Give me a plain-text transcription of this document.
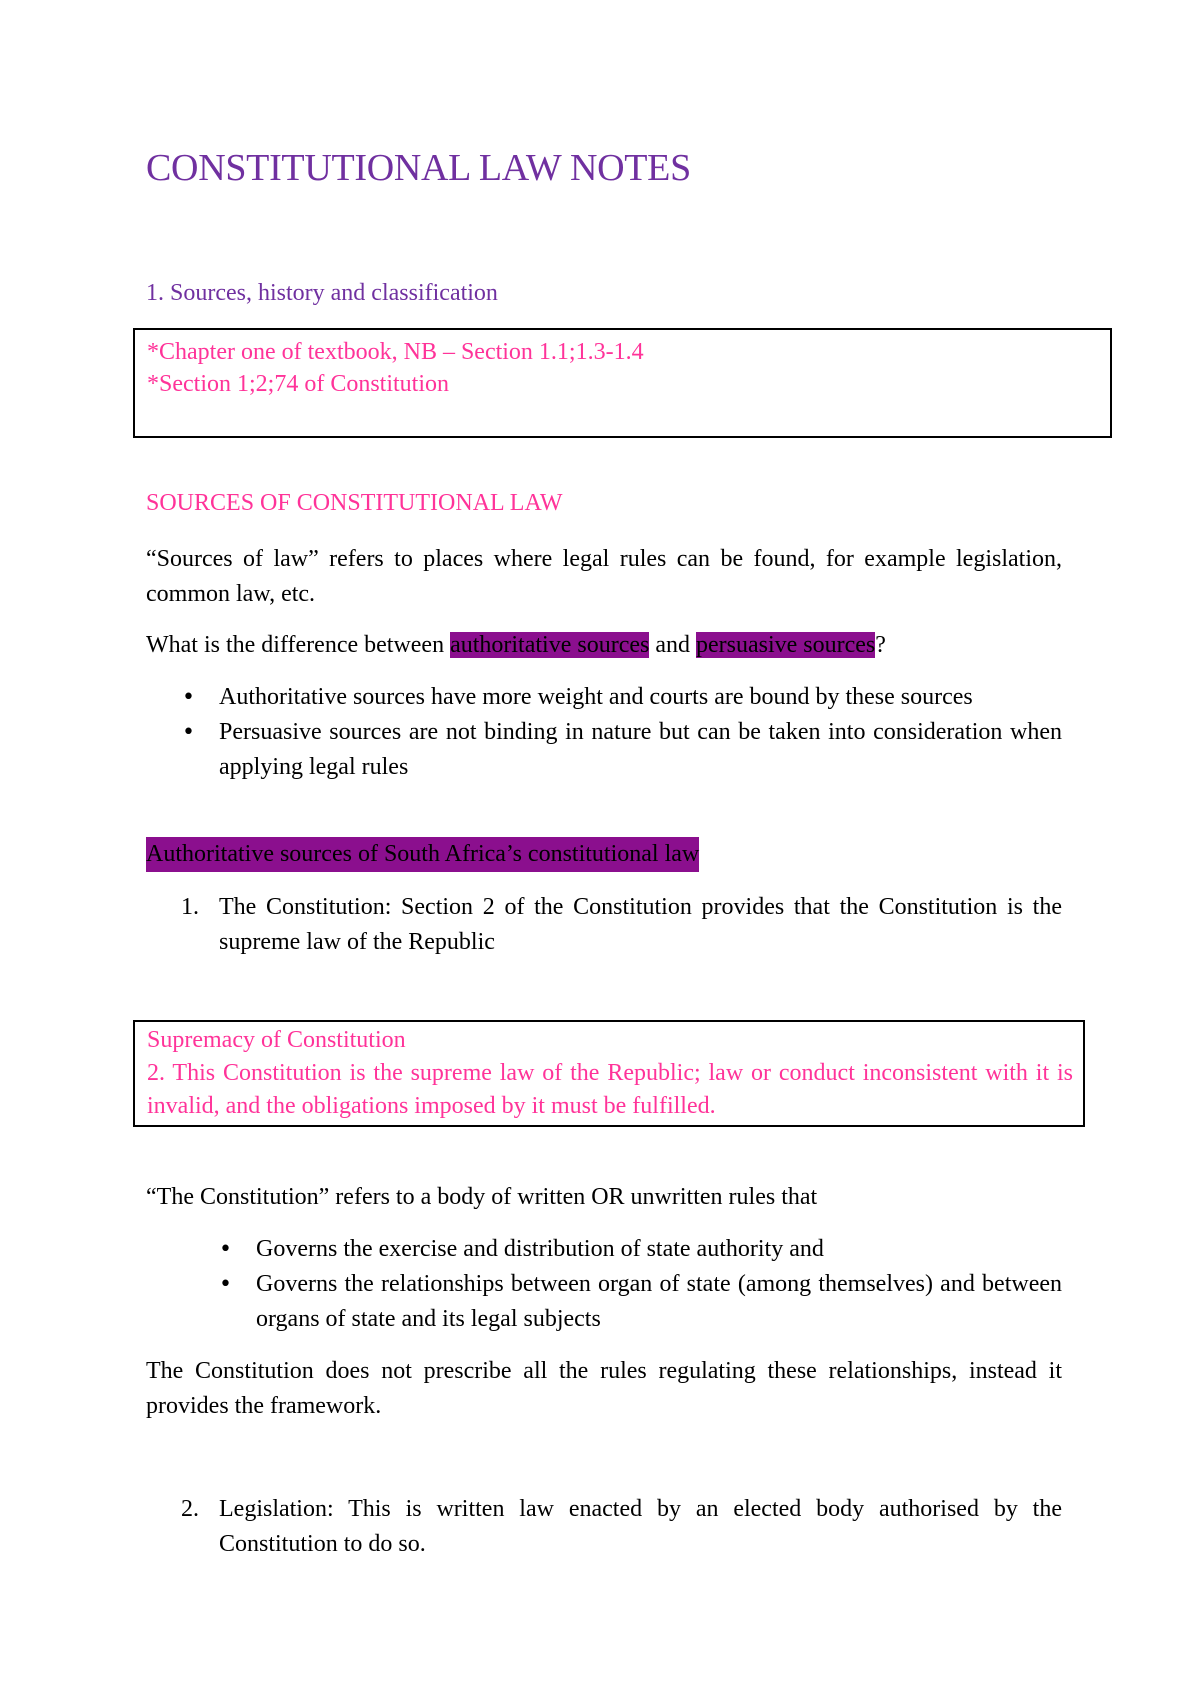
CONSTITUTIONAL LAW NOTES
1. Sources, history and classification
*Chapter one of textbook, NB – Section 1.1;1.3-1.4
*Section 1;2;74 of Constitution
SOURCES OF CONSTITUTIONAL LAW

“Sources of law” refers to places where legal rules can be found, for example legislation, common law, etc.

What is the difference between authoritative sources and persuasive sources?

• Authoritative sources have more weight and courts are bound by these sources
• Persuasive sources are not binding in nature but can be taken into consideration when applying legal rules
Authoritative sources of South Africa’s constitutional law
1. The Constitution: Section 2 of the Constitution provides that the Constitution is the supreme law of the Republic
Supremacy of Constitution
2. This Constitution is the supreme law of the Republic; law or conduct inconsistent with it is invalid, and the obligations imposed by it must be fulfilled.

“The Constitution” refers to a body of written OR unwritten rules that

• Governs the exercise and distribution of state authority and
• Governs the relationships between organ of state (among themselves) and between organs of state and its legal subjects

The Constitution does not prescribe all the rules regulating these relationships, instead it provides the framework.

2. Legislation: This is written law enacted by an elected body authorised by the Constitution to do so.
